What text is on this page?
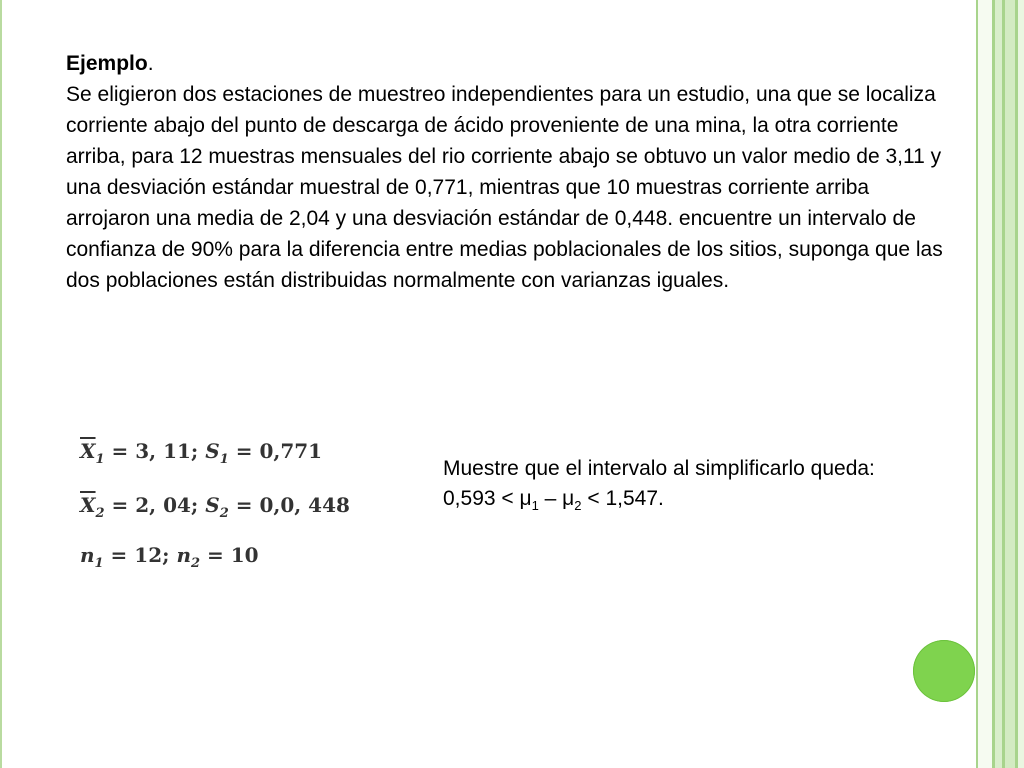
Ejemplo.

Se eligieron dos estaciones de muestreo independientes para un estudio, una que se localiza corriente abajo del punto de descarga de ácido proveniente de una mina, la otra corriente arriba, para 12 muestras mensuales del rio corriente abajo se obtuvo un valor medio de 3,11 y una desviación estándar muestral de 0,771, mientras que 10 muestras corriente arriba arrojaron una media de 2,04 y una desviación estándar de 0,448. encuentre un intervalo de confianza de 90% para la diferencia entre medias poblacionales de los sitios, suponga que las dos poblaciones están distribuidas normalmente con varianzas iguales.

$\overline{X}_1 = 3$, 11; $S_1 = 0,771$
$\overline{X}_2 = 2$, 04; $S_2 = 0,0$, 448
$n_1 = 12$; $n_2 = 10$

Muestre que el intervalo al simplificarlo queda:

$0,593 < \mu_1 - \mu_2 < 1,547$.
